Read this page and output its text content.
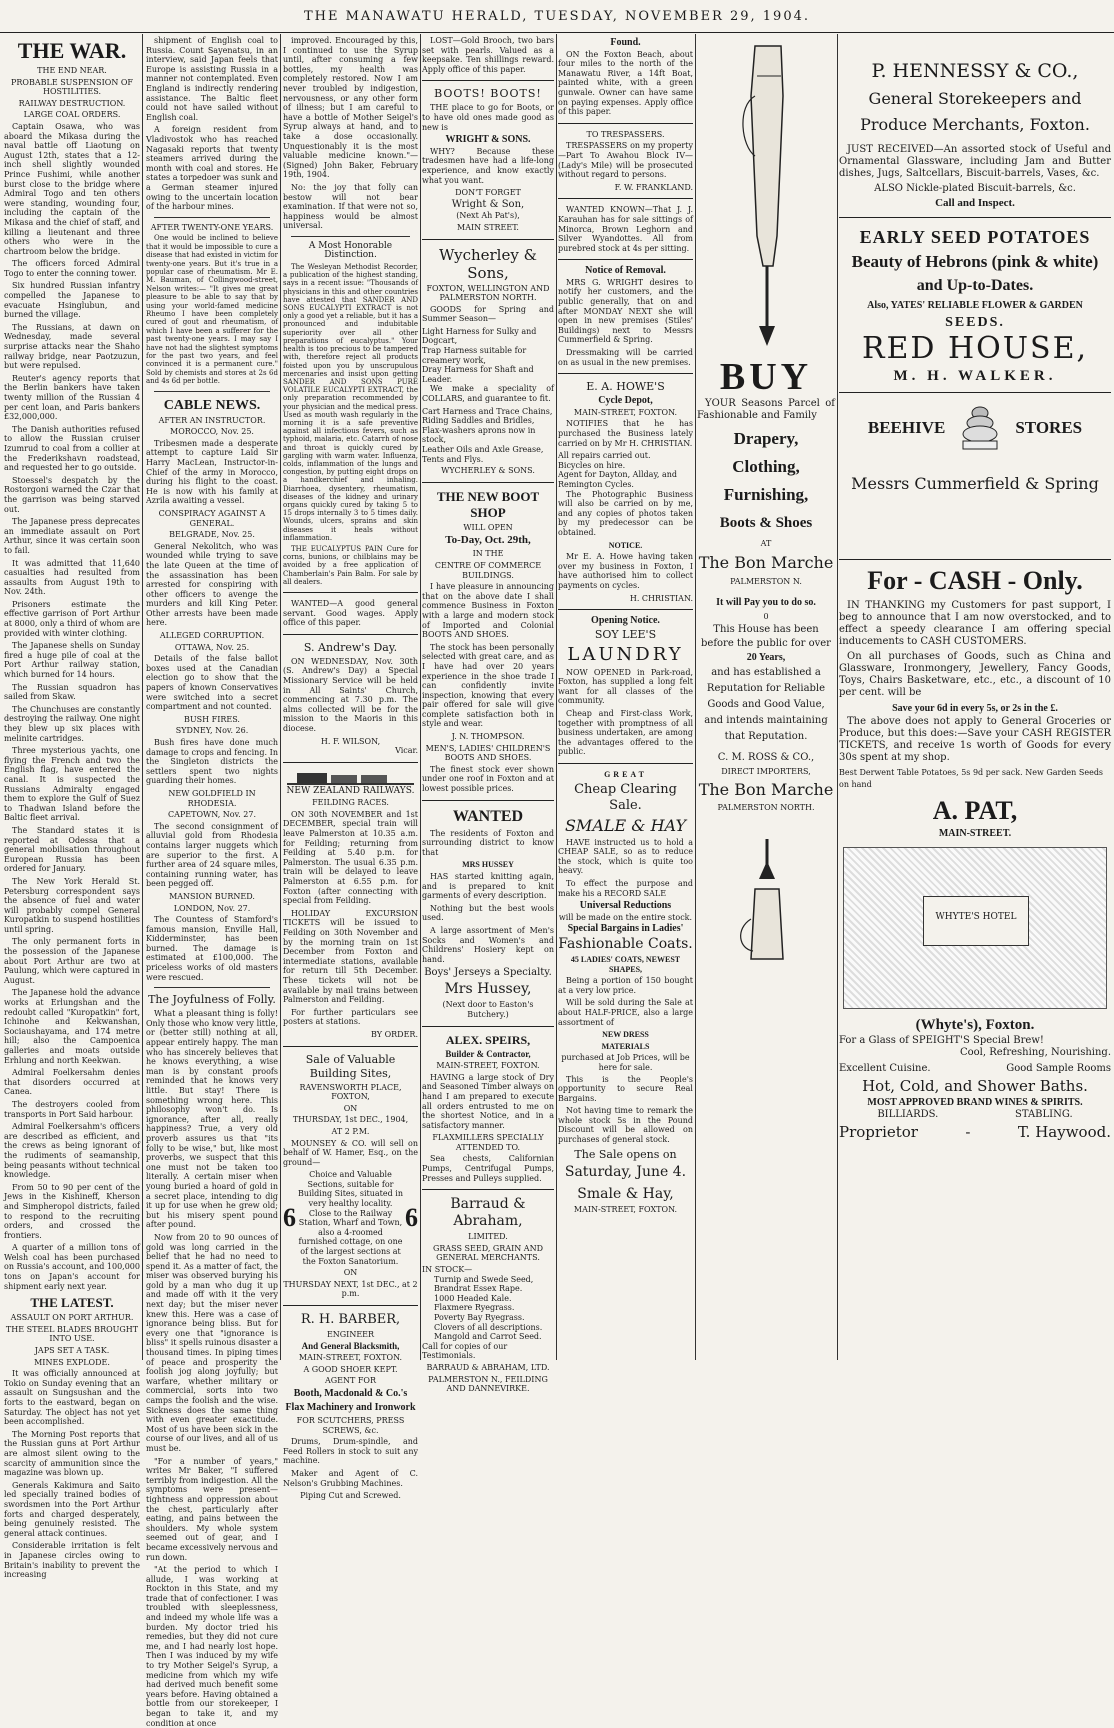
THE MANAWATU HERALD, TUESDAY, NOVEMBER 29, 1904.
THE WAR.
THE END NEAR.
PROBABLE SUSPENSION OF HOSTILITIES.
RAILWAY DESTRUCTION.
LARGE COAL ORDERS.

Captain Osawa, who was aboard the Mikasa during the naval battle off Liaotung on August 12th, states that a 12-inch shell slightly wounded Prince Fushimi, while another burst close to the bridge where Admiral Togo and ten others were standing, wounding four, including the captain of the Mikasa and the chief of staff, and killing a lieutenant and three others who were in the chartroom below the bridge.

The officers forced Admiral Togo to enter the conning tower.

Six hundred Russian infantry compelled the Japanese to evacuate Hsinglubun, and burned the village.

The Russians, at dawn on Wednesday, made several surprise attacks near the Shaho railway bridge, near Paotzuzun, but were repulsed.

Reuter's agency reports that the Berlin bankers have taken twenty million of the Russian 4 per cent loan, and Paris bankers £32,000,000.

The Danish authorities refused to allow the Russian cruiser Izumrud to coal from a collier at the Frederikshavn roadstead, and requested her to go outside.

Stoessel's despatch by the Rostorgoni warned the Czar that the garrison was being starved out.

The Japanese press deprecates an immediate assault on Port Arthur, since it was certain soon to fail.

It was admitted that 11,640 casualties had resulted from assaults from August 19th to Nov. 24th.

Prisoners estimate the effective garrison of Port Arthur at 8000, only a third of whom are provided with winter clothing.

The Japanese shells on Sunday fired a huge pile of coal at the Port Arthur railway station, which burned for 14 hours.

The Russian squadron has sailed from Skaw.

The Chunchuses are constantly destroying the railway. One night they blew up six places with melinite cartridges.

Three mysterious yachts, one flying the French and two the English flag, have entered the canal. It is suspected the Russians Admiralty engaged them to explore the Gulf of Suez to Thadwan Island before the Baltic fleet arrival.

The Standard states it is reported at Odessa that a general mobilisation throughout European Russia has been ordered for January.

The New York Herald St. Petersburg correspondent says the absence of fuel and water will probably compel General Kuropatkin to suspend hostilities until spring.

The only permanent forts in the possession of the Japanese about Port Arthur are two at Paulung, which were captured in August.

The Japanese hold the advance works at Erlungshan and the redoubt called "Kuropatkin" fort, Ichinohe and Kekwanshan, Sociaushayama, and 174 metre hill; also the Campoenica galleries and moats outside Erhlung and north Keekwan.

Admiral Foelkersahm denies that disorders occurred at Canea.

The destroyers cooled from transports in Port Said harbour.

Admiral Foelkersahm's officers are described as efficient, and the crews as being ignorant of the rudiments of seamanship, being peasants without technical knowledge.

From 50 to 90 per cent of the Jews in the Kishineff, Kherson and Simpheropol districts, failed to respond to the recruiting orders, and crossed the frontiers.

A quarter of a million tons of Welsh coal has been purchased on Russia's account, and 100,000 tons on Japan's account for shipment early next year.

THE LATEST.
ASSAULT ON PORT ARTHUR.
THE STEEL BLADES BROUGHT INTO USE.
JAPS SET A TASK.
MINES EXPLODE.

It was officially announced at Tokio on Sunday evening that an assault on Sungsushan and the forts to the eastward, began on Saturday. The object has not yet been accomplished.

The Morning Post reports that the Russian guns at Port Arthur are almost silent owing to the scarcity of ammunition since the magazine was blown up.

Generals Kakimura and Saito led specially trained bodies of swordsmen into the Port Arthur forts and charged desperately, being genuinely resisted. The general attack continues.

Considerable irritation is felt in Japanese circles owing to Britain's inability to prevent the increasing

shipment of English coal to Russia. Count Sayenatsu, in an interview, said Japan feels that Europe is assisting Russia in a manner not contemplated. Even England is indirectly rendering assistance. The Baltic fleet could not have sailed without English coal.

A foreign resident from Vladivostok who has reached Nagasaki reports that twenty steamers arrived during the month with coal and stores. He states a torpedoer was sunk and a German steamer injured owing to the uncertain location of the harbour mines.

AFTER TWENTY-ONE YEARS.

One would be inclined to believe that it would be impossible to cure a disease that had existed in victim for twenty-one years. But it's true in a popular case of rheumatism. Mr E. M. Bauman, of Collingwood-street, Nelson writes:— "It gives me great pleasure to be able to say that by using your world-famed medicine Rheumo I have been completely cured of gout and rheumatism, of which I have been a sufferer for the past twenty-one years. I may say I have not had the slightest symptoms for the past two years, and feel convinced it is a permanent cure." Sold by chemists and stores at 2s 6d and 4s 6d per bottle.

CABLE NEWS.
AFTER AN INSTRUCTOR.
MOROCCO, Nov. 25.

Tribesmen made a desperate attempt to capture Laid Sir Harry MacLean, Instructor-in-Chief of the army in Morocco, during his flight to the coast. He is now with his family at Azrila awaiting a vessel.

CONSPIRACY AGAINST A GENERAL.
BELGRADE, Nov. 25.

General Nekolitch, who was wounded while trying to save the late Queen at the time of the assassination has been arrested for conspiring with other officers to avenge the murders and kill King Peter. Other arrests have been made here.

ALLEGED CORRUPTION.
OTTAWA, Nov. 25.

Details of the false ballot boxes used at the Canadian election go to show that the papers of known Conservatives were switched into a secret compartment and not counted.

BUSH FIRES.
SYDNEY, Nov. 26.

Bush fires have done much damage to crops and fencing. In the Singleton districts the settlers spent two nights guarding their homes.

NEW GOLDFIELD IN RHODESIA.
CAPETOWN, Nov. 27.

The second consignment of alluvial gold from Rhodesia contains larger nuggets which are superior to the first. A further area of 24 square miles, containing running water, has been pegged off.

MANSION BURNED.
LONDON, Nov. 27.

The Countess of Stamford's famous mansion, Enville Hall, Kidderminster, has been burned. The damage is estimated at £100,000. The priceless works of old masters were rescued.

The Joyfulness of Folly.

What a pleasant thing is folly! Only those who know very little, or (better still) nothing at all, appear entirely happy. The man who has sincerely believes that he knows everything, a wise man is by constant proofs reminded that he knows very little. But stay! There is something wrong here. This philosophy won't do. Is ignorance, after all, really happiness? True, a very old proverb assures us that "its folly to be wise," but, like most proverbs, we suspect that this one must not be taken too literally. A certain miser when young buried a hoard of gold in a secret place, intending to dig it up for use when he grew old; but his misery spent pound after pound.

Now from 20 to 90 ounces of gold was long carried in the belief that he had no need to spend it. As a matter of fact, the miser was observed burying his gold by a man who dug it up and made off with it the very next day; but the miser never knew this. Here was a case of ignorance being bliss. But for every one that "ignorance is bliss" it spells ruinous disaster a thousand times. In piping times of peace and prosperity the foolish jog along joyfully; but warfare, whether military or commercial, sorts into two camps the foolish and the wise. Sickness does the same thing with even greater exactitude. Most of us have been sick in the course of our lives, and all of us must be.

"For a number of years," writes Mr Baker, "I suffered terribly from indigestion. All the symptoms were present—tightness and oppression about the chest, particularly after eating, and pains between the shoulders. My whole system seemed out of gear, and I became excessively nervous and run down.

"At the period to which I allude, I was working at Rockton in this State, and my trade that of confectioner. I was troubled with sleeplessness, and indeed my whole life was a burden. My doctor tried his remedies, but they did not cure me, and I had nearly lost hope. Then I was induced by my wife to try Mother Seigel's Syrup, a medicine from which my wife had derived much benefit some years before. Having obtained a bottle from our storekeeper, I began to take it, and my condition at once

improved. Encouraged by this, I continued to use the Syrup until, after consuming a few bottles, my health was completely restored. Now I am never troubled by indigestion, nervousness, or any other form of illness; but I am careful to have a bottle of Mother Seigel's Syrup always at hand, and to take a dose occasionally. Unquestionably it is the most valuable medicine known."—(Signed) John Baker, February 19th, 1904.

No: the joy that folly can bestow will not bear examination. If that were not so, happiness would be almost universal.

A Most Honorable Distinction.

The Wesleyan Methodist Recorder, a publication of the highest standing, says in a recent issue: "Thousands of physicians in this and other countries have attested that SANDER AND SONS EUCALYPTI EXTRACT is not only a good yet a reliable, but it has a pronounced and indubitable superiority over all other preparations of eucalyptus." Your health is too precious to be tampered with, therefore reject all products foisted upon you by unscrupulous mercenaries and insist upon getting SANDER AND SONS PURE VOLATILE EUCALYPTI EXTRACT, the only preparation recommended by your physician and the medical press. Used as mouth wash regularly in the morning it is a safe preventive against all infectious fevers, such as typhoid, malaria, etc. Catarrh of nose and throat is quickly cured by gargling with warm water. Influenza, colds, inflammation of the lungs and congestion, by putting eight drops on a handkerchief and inhaling. Diarrhoea, dysentery, rheumatism, diseases of the kidney and urinary organs quickly cured by taking 5 to 15 drops internally 3 to 5 times daily. Wounds, ulcers, sprains and skin diseases it heals without inflammation.

THE EUCALYPTUS PAIN Cure for corns, bunions, or chilblains may be avoided by a free application of Chamberlain's Pain Balm. For sale by all dealers.

WANTED—A good general servant. Good wages. Apply office of this paper.

S. Andrew's Day.

ON WEDNESDAY, Nov. 30th (S. Andrew's Day) a Special Missionary Service will be held in All Saints' Church, commencing at 7.30 p.m. The alms collected will be for the mission to the Maoris in this diocese.

H. F. WILSON,
Vicar.
NEW ZEALAND RAILWAYS.
FEILDING RACES.

ON 30th NOVEMBER and 1st DECEMBER, special train will leave Palmerston at 10.35 a.m. for Feilding; returning from Feilding at 5.40 p.m. for Palmerston. The usual 6.35 p.m. train will be delayed to leave Palmerston at 6.55 p.m. for Foxton (after connecting with special from Feilding.

HOLIDAY EXCURSION TICKETS will be issued to Feilding on 30th November and by the morning train on 1st December from Foxton and intermediate stations, available for return till 5th December. These tickets will not be available by mail trains between Palmerston and Feilding.

For further particulars see posters at stations.

BY ORDER.
Sale of Valuable Building Sites,
RAVENSWORTH PLACE, FOXTON,
ON
THURSDAY, 1st DEC., 1904,
AT 2 P.M.

MOUNSEY & CO. will sell on behalf of W. Hamer, Esq., on the ground—

6
Choice and Valuable Sections, suitable for Building Sites, situated in very healthy locality. Close to the Railway Station, Wharf and Town, also a 4-roomed furnished cottage, on one of the largest sections at the Foxton Sanatorium.
6
ON
THURSDAY NEXT, 1st DEC., at 2 p.m.
R. H. BARBER,
ENGINEER
And General Blacksmith,
MAIN-STREET, FOXTON.
A GOOD SHOER KEPT.
AGENT FOR
Booth, Macdonald & Co.'s
Flax Machinery and Ironwork
FOR SCUTCHERS, PRESS SCREWS, &c.

Drums, Drum-spindle, and Feed Rollers in stock to suit any machine.

Maker and Agent of C. Nelson's Grubbing Machines.

Piping Cut and Screwed.

LOST—Gold Brooch, two bars set with pearls. Valued as a keepsake. Ten shillings reward. Apply office of this paper.

BOOTS! BOOTS!

THE place to go for Boots, or to have old ones made good as new is

WRIGHT & SONS.

WHY? Because these tradesmen have had a life-long experience, and know exactly what you want.

DON'T FORGET
Wright & Son,
(Next Ah Pat's),
MAIN STREET.
Wycherley & Sons,
FOXTON, WELLINGTON AND PALMERSTON NORTH.

GOODS for Spring and Summer Season—

Light Harness for Sulky and Dogcart,
Trap Harness suitable for creamery work,
Dray Harness for Shaft and Leader.

We make a speciality of COLLARS, and guarantee to fit.

Cart Harness and Trace Chains,
Riding Saddles and Bridles,
Flax-washers aprons now in stock,
Leather Oils and Axle Grease,
Tents and Flys.
WYCHERLEY & SONS.
THE NEW BOOT SHOP
WILL OPEN
To-Day, Oct. 29th,
IN THE
CENTRE OF COMMERCE BUILDINGS.

I have pleasure in announcing that on the above date I shall commence Business in Foxton with a large and modern stock of Imported and Colonial BOOTS AND SHOES.

The stock has been personally selected with great care, and as I have had over 20 years experience in the shoe trade I can confidently invite inspection, knowing that every pair offered for sale will give complete satisfaction both in style and wear.

J. N. THOMPSON.
MEN'S, LADIES' CHILDREN'S BOOTS AND SHOES.

The finest stock ever shown under one roof in Foxton and at lowest possible prices.

WANTED

The residents of Foxton and surrounding district to know that

MRS HUSSEY

HAS started knitting again, and is prepared to knit garments of every description.

Nothing but the best wools used.

A large assortment of Men's Socks and Women's and Childrens' Hosiery kept on hand.

Boys' Jerseys a Specialty.
Mrs Hussey,
(Next door to Easton's Butchery.)
ALEX. SPEIRS,
Builder & Contractor,
MAIN-STREET, FOXTON.

HAVING a large stock of Dry and Seasoned Timber always on hand I am prepared to execute all orders entrusted to me on the shortest Notice, and in a satisfactory manner.

FLAXMILLERS SPECIALLY ATTENDED TO.

Sea chests, Californian Pumps, Centrifugal Pumps, Presses and Pulleys supplied.

Barraud & Abraham,
LIMITED.
GRASS SEED, GRAIN AND GENERAL MERCHANTS.
IN STOCK—
Turnip and Swede Seed,
Brandrat Essex Rape.
1000 Headed Kale.
Flaxmere Ryegrass.
Poverty Bay Ryegrass.
Clovers of all descriptions.
Mangold and Carrot Seed.
Call for copies of our Testimonials.
BARRAUD & ABRAHAM, LTD.
PALMERSTON N., FEILDING AND DANNEVIRKE.
Found.

ON the Foxton Beach, about four miles to the north of the Manawatu River, a 14ft Boat, painted white, with a green gunwale. Owner can have same on paying expenses. Apply office of this paper.

TO TRESPASSERS.

TRESPASSERS on my property —Part To Awahou Block IV— (Lady's Mile) will be prosecuted without regard to persons.

F. W. FRANKLAND.

WANTED KNOWN—That J. J. Karauhan has for sale sittings of Minorca, Brown Leghorn and Silver Wyandottes. All from purebred stock at 4s per sitting.

Notice of Removal.

MRS G. WRIGHT desires to notify her customers, and the public generally, that on and after MONDAY NEXT she will open in new premises (Stiles' Buildings) next to Messrs Cummerfield & Spring.

Dressmaking will be carried on as usual in the new premises.

E. A. HOWE'S
Cycle Depot,
MAIN-STREET, FOXTON.

NOTIFIES that he has purchased the Business lately carried on by Mr H. CHRISTIAN.

All repairs carried out.
Bicycles on hire.
Agent for Dayton, Allday, and Remington Cycles.

The Photographic Business will also be carried on by me, and any copies of photos taken by my predecessor can be obtained.

NOTICE.

Mr E. A. Howe having taken over my business in Foxton, I have authorised him to collect payments on cycles.

H. CHRISTIAN.
Opening Notice.
SOY LEE'S
LAUNDRY

NOW OPENED in Park-road, Foxton, has supplied a long felt want for all classes of the community.

Cheap and First-class Work, together with promptness of all business undertaken, are among the advantages offered to the public.

GREAT
Cheap Clearing Sale.
SMALE & HAY

HAVE instructed us to hold a CHEAP SALE, so as to reduce the stock, which is quite too heavy.

To effect the purpose and make his a RECORD SALE

Universal Reductions
will be made on the entire stock.
Special Bargains in Ladies'
Fashionable Coats.
45 LADIES' COATS, NEWEST SHAPES,

Being a portion of 150 bought at a very low price.

Will be sold during the Sale at about HALF-PRICE, also a large assortment of

NEW DRESS
MATERIALS
purchased at Job Prices, will be here for sale.

This is the People's opportunity to secure Real Bargains.

Not having time to remark the whole stock 5s in the Pound Discount will be allowed on purchases of general stock.

The Sale opens on
Saturday, June 4.
Smale & Hay,
MAIN-STREET, FOXTON.
BUY

YOUR Seasons Parcel of Fashionable and Family

Drapery,
Clothing,
Furnishing,
Boots & Shoes
AT
The Bon Marche
PALMERSTON N.
It will Pay you to do so.
0
This House has been before the public for over
20 Years,
and has established a Reputation for Reliable Goods and Good Value, and intends maintaining that Reputation.
C. M. ROSS & CO.,
DIRECT IMPORTERS,
The Bon Marche
PALMERSTON NORTH.
P. HENNESSY & CO.,
General Storekeepers and Produce Merchants, Foxton.

JUST RECEIVED—An assorted stock of Useful and Ornamental Glassware, including Jam and Butter dishes, Jugs, Saltcellars, Biscuit-barrels, Vases, &c.

ALSO Nickle-plated Biscuit-barrels, &c.
Call and Inspect.
EARLY SEED POTATOES
Beauty of Hebrons (pink & white)
and Up-to-Dates.
Also, YATES' RELIABLE FLOWER & GARDEN
SEEDS.
RED HOUSE,
M. H. WALKER.
BEEHIVE	STORES
Messrs Cummerfield & Spring
For - CASH - Only.

IN THANKING my Customers for past support, I beg to announce that I am now overstocked, and to effect a speedy clearance I am offering special inducements to CASH CUSTOMERS.

On all purchases of Goods, such as China and Glassware, Ironmongery, Jewellery, Fancy Goods, Toys, Chairs Basketware, etc., etc., a discount of 10 per cent. will be

Save your 6d in every 5s, or 2s in the £.

The above does not apply to General Groceries or Produce, but this does:—Save your CASH REGISTER TICKETS, and receive 1s worth of Goods for every 30s spent at my shop.

Best Derwent Table Potatoes, 5s 9d per sack. New Garden Seeds on hand
A. PAT,
MAIN-STREET.
WHYTE'S HOTEL
(Whyte's), Foxton.
For a Glass of SPEIGHT'S Special Brew!
Cool, Refreshing, Nourishing.
Excellent Cuisine.	Good Sample Rooms
Hot, Cold, and Shower Baths.
MOST APPROVED BRAND WINES & SPIRITS.
BILLIARDS.	STABLING.
Proprietor	-	T. Haywood.
